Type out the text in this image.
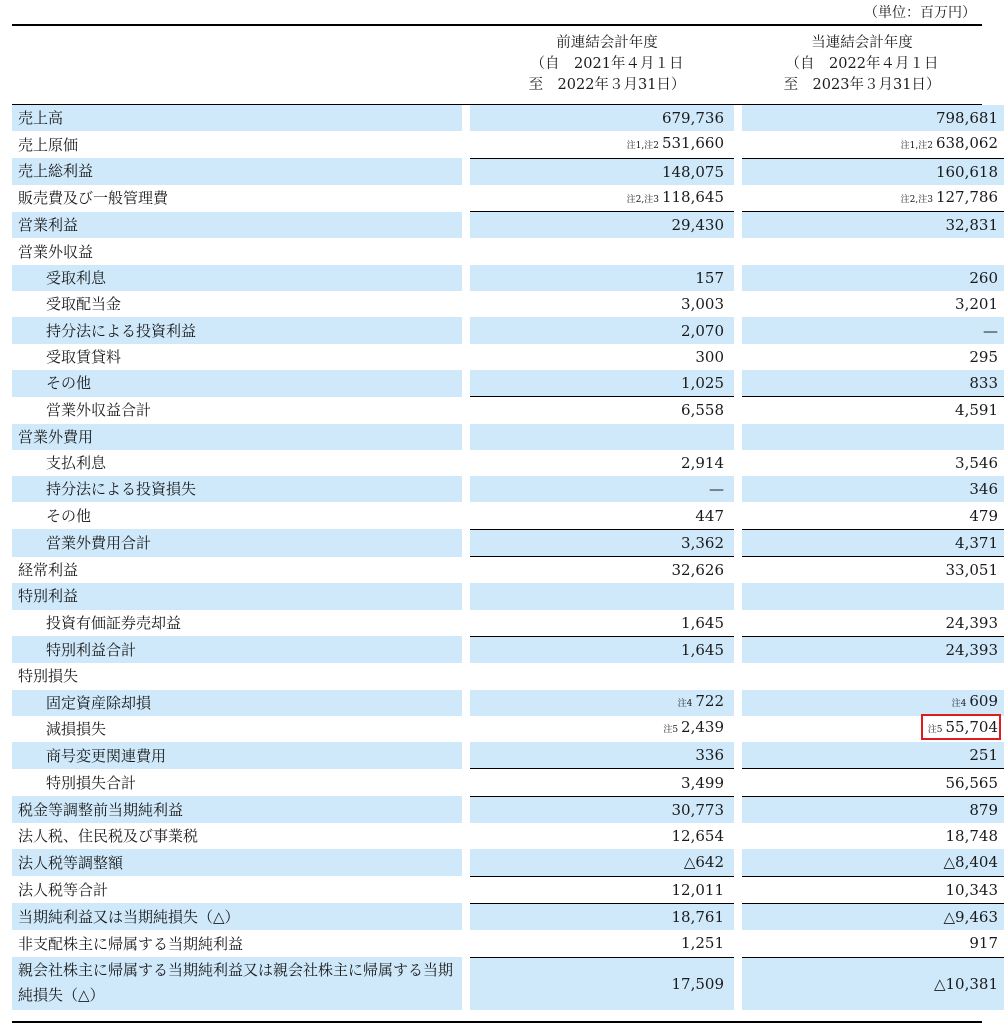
（単位：百万円）
前連結会計年度
（自　2021年４月１日
至　2022年３月31日）
当連結会計年度
（自　2022年４月１日
至　2023年３月31日）
売上高		679,736		798,681
売上原価		注1,注2 531,660		注1,注2 638,062
売上総利益		148,075		160,618
販売費及び一般管理費		注2,注3 118,645		注2,注3 127,786
営業利益		29,430		32,831
営業外収益				
受取利息		157		260
受取配当金		3,003		3,201
持分法による投資利益		2,070		—
受取賃貸料		300		295
その他		1,025		833
営業外収益合計		6,558		4,591
営業外費用				
支払利息		2,914		3,546
持分法による投資損失		—		346
その他		447		479
営業外費用合計		3,362		4,371
経常利益		32,626		33,051
特別利益				
投資有価証券売却益		1,645		24,393
特別利益合計		1,645		24,393
特別損失				
固定資産除却損		注4 722		注4 609
減損損失		注5 2,439		注5 55,704
商号変更関連費用		336		251
特別損失合計		3,499		56,565
税金等調整前当期純利益		30,773		879
法人税、住民税及び事業税		12,654		18,748
法人税等調整額		△642		△8,404
法人税等合計		12,011		10,343
当期純利益又は当期純損失（△）		18,761		△9,463
非支配株主に帰属する当期純利益		1,251		917
親会社株主に帰属する当期純利益又は親会社株主に帰属する当期純損失（△）		17,509		△10,381
